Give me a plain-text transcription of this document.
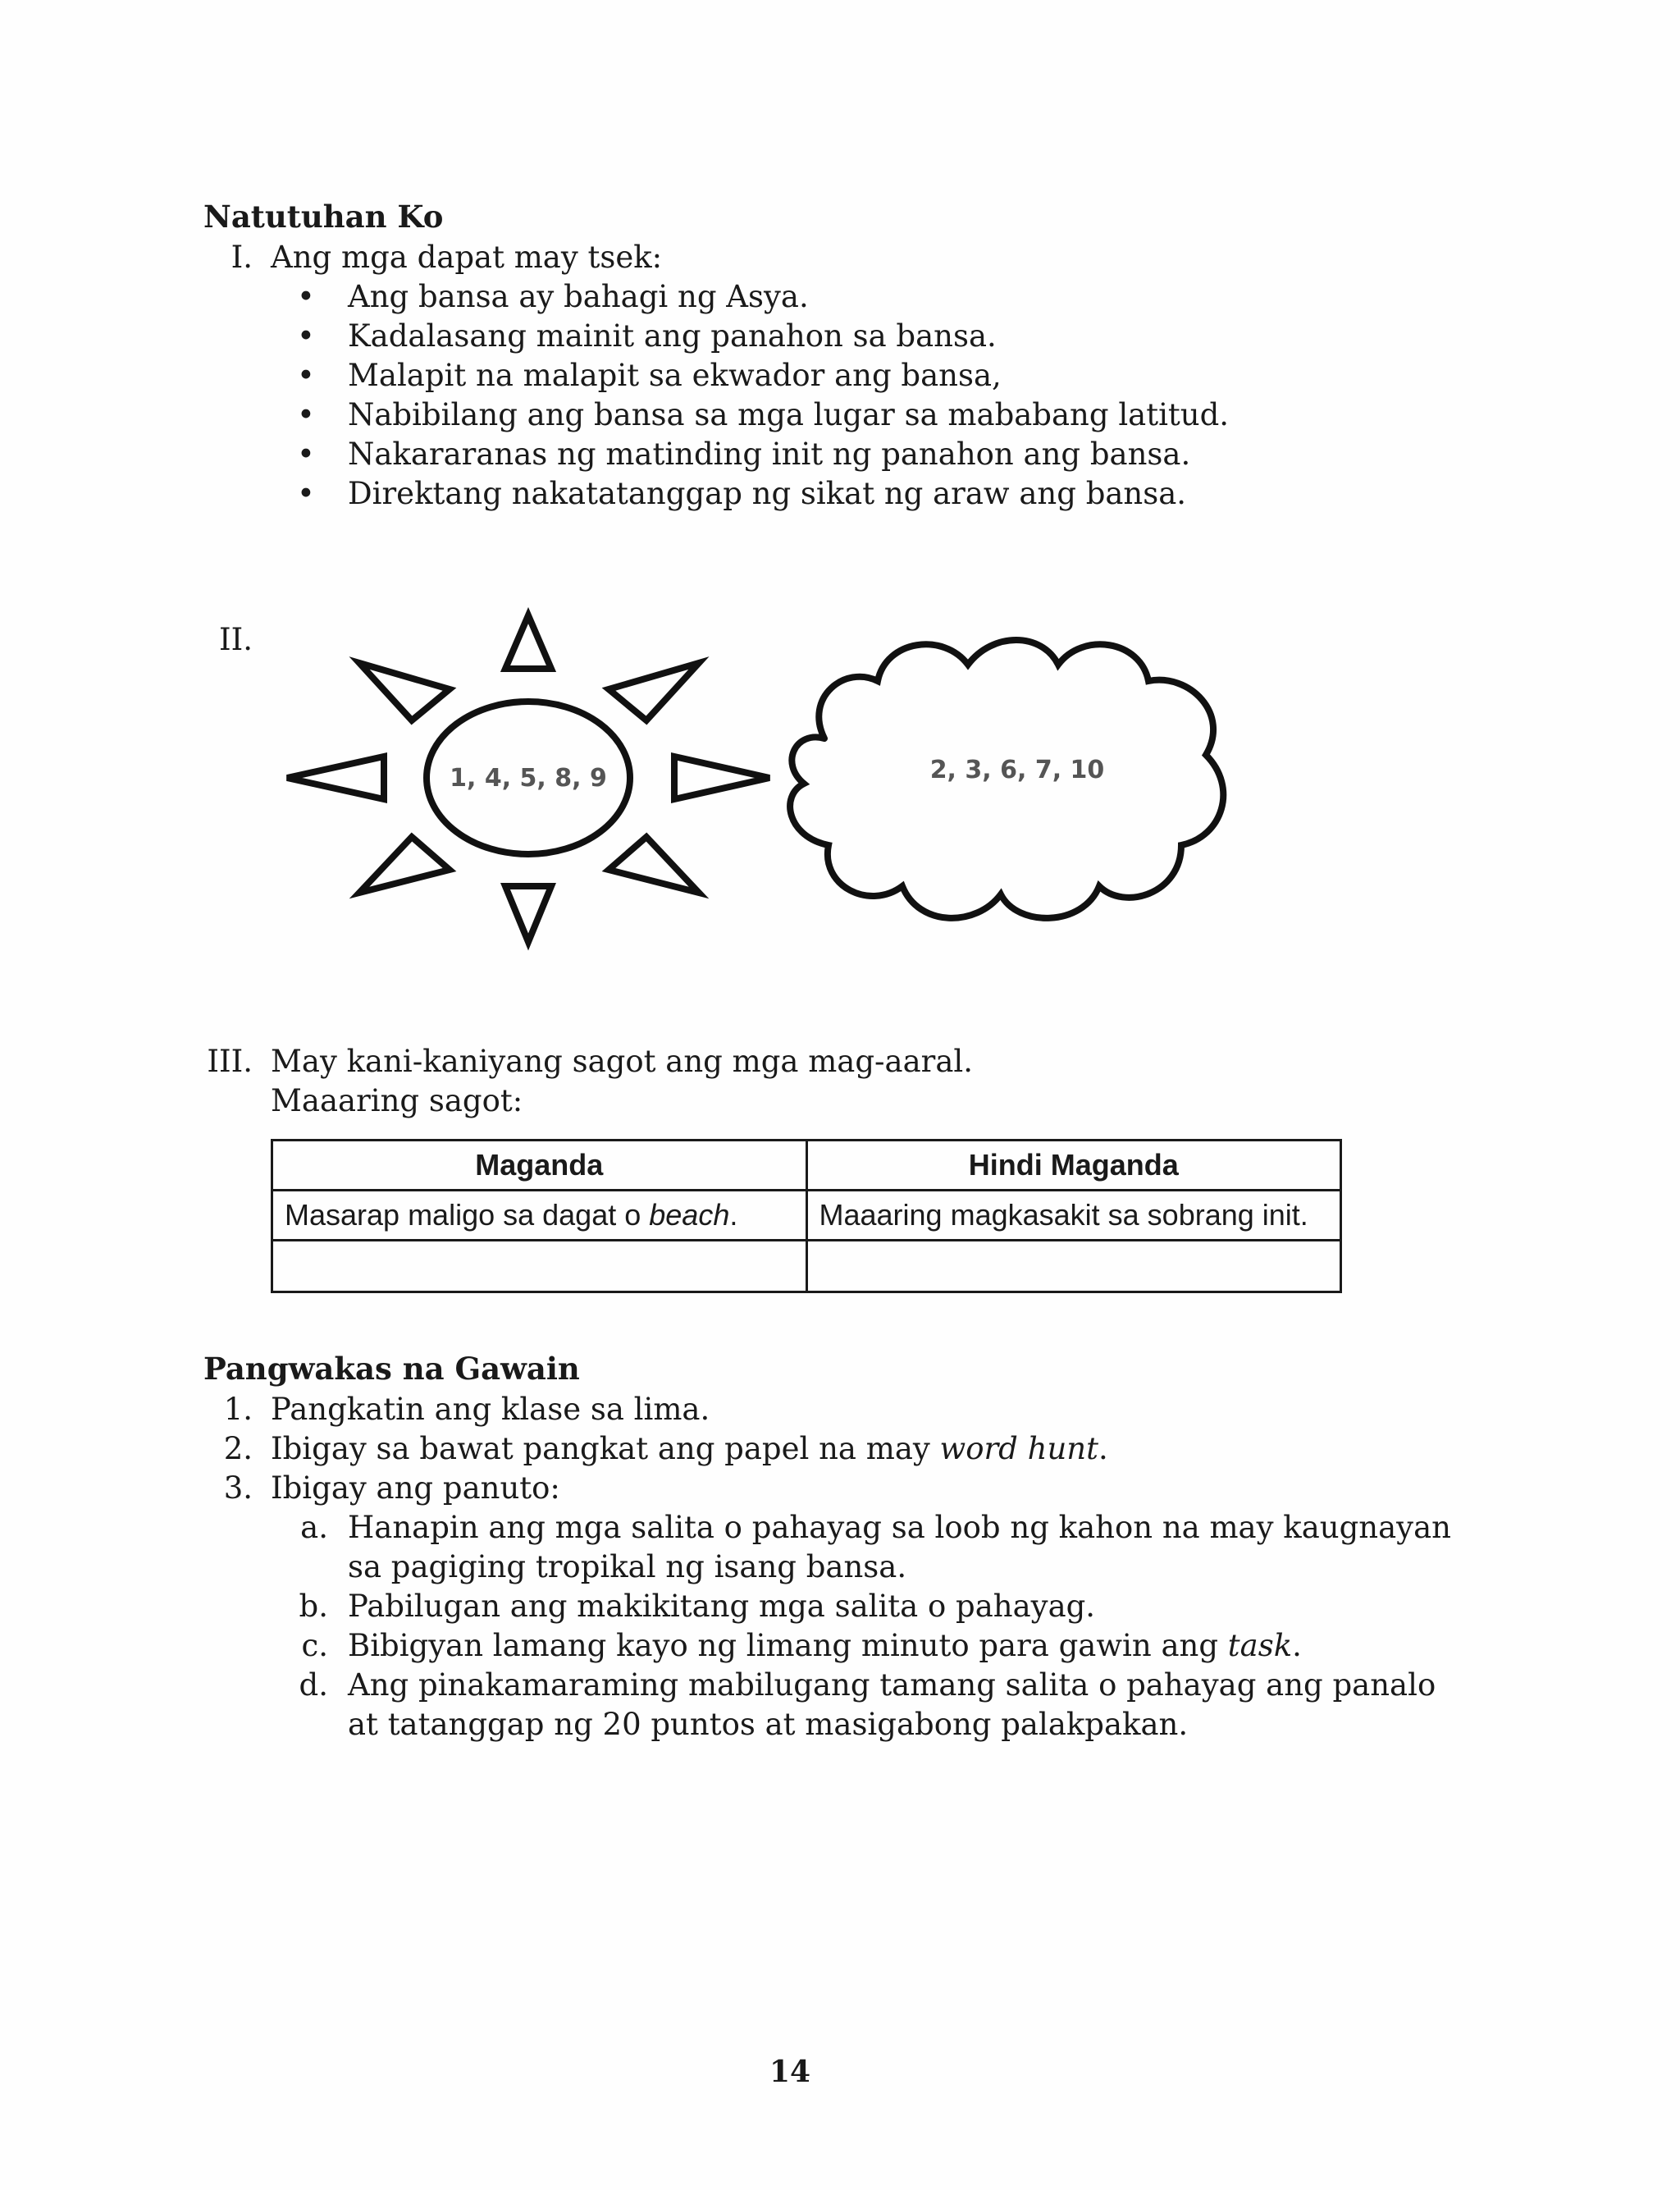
Natutuhan Ko
I. Ang mga dapat may tsek:
• Ang bansa ay bahagi ng Asya.
• Kadalasang mainit ang panahon sa bansa.
• Malapit na malapit sa ekwador ang bansa,
• Nabibilang ang bansa sa mga lugar sa mababang latitud.
• Nakararanas ng matinding init ng panahon ang bansa.
• Direktang nakatatanggap ng sikat ng araw ang bansa.
II.
1, 4, 5, 8, 9	2, 3, 6, 7, 10
III. May kani-kaniyang sagot ang mga mag-aaral.
Maaaring sagot:
Maganda	Hindi Maganda
Masarap maligo sa dagat o beach.	Maaaring magkasakit sa sobrang init.

Pangwakas na Gawain
1. Pangkatin ang klase sa lima.
2. Ibigay sa bawat pangkat ang papel na may word hunt.
3. Ibigay ang panuto:
a. Hanapin ang mga salita o pahayag sa loob ng kahon na may kaugnayan
sa pagiging tropikal ng isang bansa.
b. Pabilugan ang makikitang mga salita o pahayag.
c. Bibigyan lamang kayo ng limang minuto para gawin ang task.
d. Ang pinakamaraming mabilugang tamang salita o pahayag ang panalo
at tatanggap ng 20 puntos at masigabong palakpakan.
14
